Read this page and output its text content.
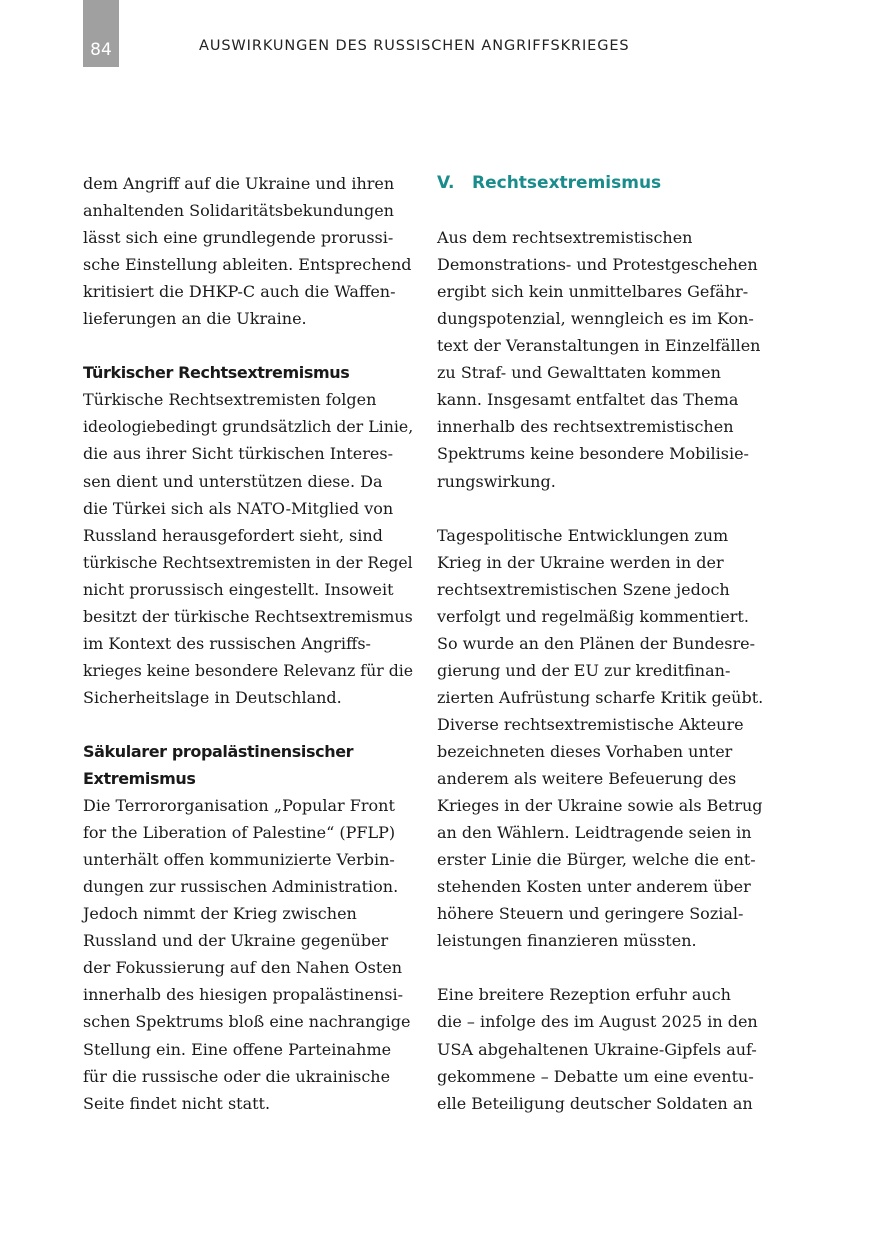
84	AUSWIRKUNGEN DES RUSSISCHEN ANGRIFFSKRIEGES
dem Angriff auf die Ukraine und ihren
anhaltenden Solidaritätsbekundungen
lässt sich eine grundlegende prorussi-
sche Einstellung ableiten. Entsprechend
kritisiert die DHKP-C auch die Waffen-
lieferungen an die Ukraine.
Türkischer Rechtsextremismus
Türkische Rechtsextremisten folgen
ideologiebedingt grundsätzlich der Linie,
die aus ihrer Sicht türkischen Interes-
sen dient und unterstützen diese. Da
die Türkei sich als NATO-Mitglied von
Russland herausgefordert sieht, sind
türkische Rechtsextremisten in der Regel
nicht prorussisch eingestellt. Insoweit
besitzt der türkische Rechtsextremismus
im Kontext des russischen Angriffs-
krieges keine besondere Relevanz für die
Sicherheitslage in Deutschland.
Säkularer propalästinensischer
Extremismus
Die Terrororganisation „Popular Front
for the Liberation of Palestine“ (PFLP)
unterhält offen kommunizierte Verbin-
dungen zur russischen Administration.
Jedoch nimmt der Krieg zwischen
Russland und der Ukraine gegenüber
der Fokussierung auf den Nahen Osten
innerhalb des hiesigen propalästinensi-
schen Spektrums bloß eine nachrangige
Stellung ein. Eine offene Parteinahme
für die russische oder die ukrainische
Seite findet nicht statt.
V. Rechtsextremismus
Aus dem rechtsextremistischen
Demonstrations- und Protestgeschehen
ergibt sich kein unmittelbares Gefähr-
dungspotenzial, wenngleich es im Kon-
text der Veranstaltungen in Einzelfällen
zu Straf- und Gewalttaten kommen
kann. Insgesamt entfaltet das Thema
innerhalb des rechtsextremistischen
Spektrums keine besondere Mobilisie-
rungswirkung.
Tagespolitische Entwicklungen zum
Krieg in der Ukraine werden in der
rechtsextremistischen Szene jedoch
verfolgt und regelmäßig kommentiert.
So wurde an den Plänen der Bundesre-
gierung und der EU zur kreditfinan-
zierten Aufrüstung scharfe Kritik geübt.
Diverse rechtsextremistische Akteure
bezeichneten dieses Vorhaben unter
anderem als weitere Befeuerung des
Krieges in der Ukraine sowie als Betrug
an den Wählern. Leidtragende seien in
erster Linie die Bürger, welche die ent-
stehenden Kosten unter anderem über
höhere Steuern und geringere Sozial-
leistungen finanzieren müssten.
Eine breitere Rezeption erfuhr auch
die – infolge des im August 2025 in den
USA abgehaltenen Ukraine-Gipfels auf-
gekommene – Debatte um eine eventu-
elle Beteiligung deutscher Soldaten an
